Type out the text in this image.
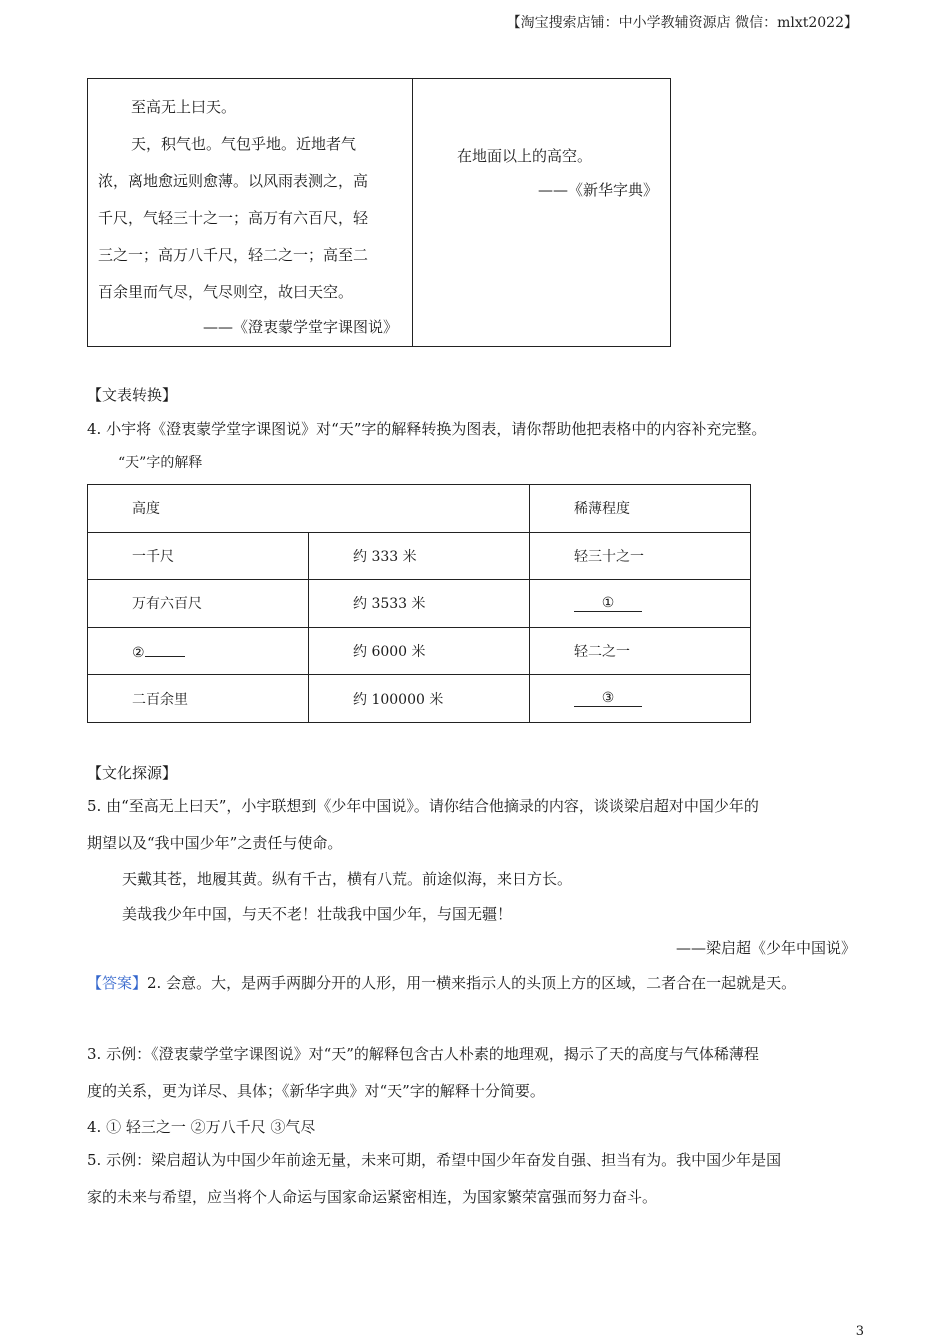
【淘宝搜索店铺：中小学教辅资源店 微信：mlxt2022】

至高无上曰天。

天，积气也。气包乎地。近地者气

浓，离地愈远则愈薄。以风雨表测之，高

千尺，气轻三十之一；高万有六百尺，轻

三之一；高万八千尺，轻二之一；高至二

百余里而气尽，气尽则空，故曰天空。

——《澄衷蒙学堂字课图说》

在地面以上的高空。

——《新华字典》

【文表转换】
4. 小宇将《澄衷蒙学堂字课图说》对“天”字的解释转换为图表，请你帮助他把表格中的内容补充完整。
“天”字的解释
高度		稀薄程度
一千尺	约 333 米	轻三十之一
万有六百尺	约 3533 米	①
②	约 6000 米	轻二之一
二百余里	约 100000 米	③
【文化探源】

5. 由“至高无上曰天”，小宇联想到《少年中国说》。请你结合他摘录的内容，谈谈梁启超对中国少年的

期望以及“我中国少年”之责任与使命。

天戴其苍，地履其黄。纵有千古，横有八荒。前途似海，来日方长。
美哉我少年中国，与天不老！壮哉我中国少年，与国无疆！
——梁启超《少年中国说》
【答案】2. 会意。大，是两手两脚分开的人形，用一横来指示人的头顶上方的区域，二者合在一起就是天。

3. 示例：《澄衷蒙学堂字课图说》对“天”的解释包含古人朴素的地理观，揭示了天的高度与气体稀薄程

度的关系，更为详尽、具体；《新华字典》对“天”字的解释十分简要。

4. ① 轻三之一 ②万八千尺 ③气尽

5. 示例：梁启超认为中国少年前途无量，未来可期，希望中国少年奋发自强、担当有为。我中国少年是国

家的未来与希望，应当将个人命运与国家命运紧密相连，为国家繁荣富强而努力奋斗。

3
